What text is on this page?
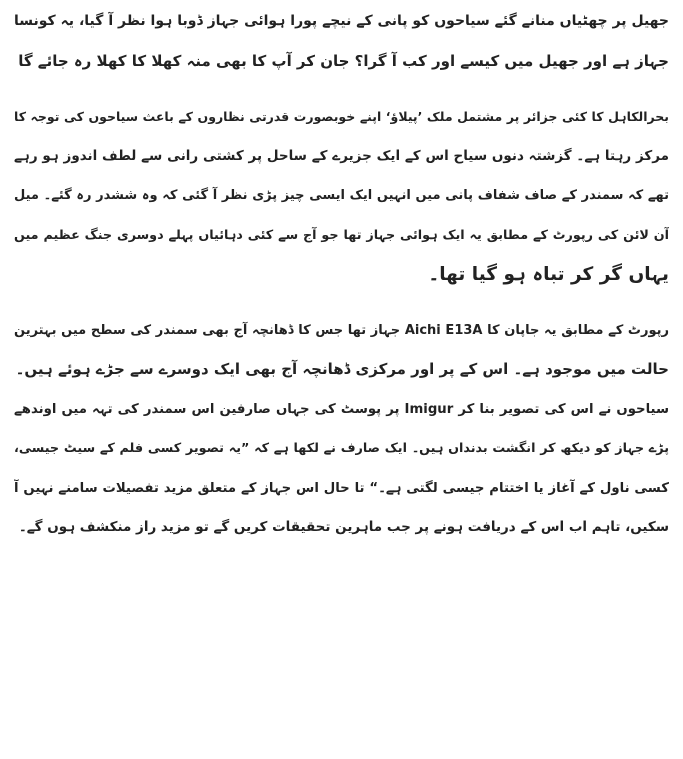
جھیل پر چھٹیاں منانے گئے سیاحوں کو پانی کے نیچے پورا ہوائی جہاز ڈوبا ہوا نظر آ گیا، یہ کونسا
جہاز ہے اور جھیل میں کیسے اور کب آ گرا؟ جان کر آپ کا بھی منہ کھلا کا کھلا رہ جائے گا
بحرالکاہل کا کئی جزائر پر مشتمل ملک ’پیلاؤ‘ اپنے خوبصورت قدرتی نظاروں کے باعث سیاحوں کی توجہ کا
مرکز رہتا ہے۔ گزشتہ دنوں سیاح اس کے ایک جزیرے کے ساحل پر کشتی رانی سے لطف اندوز ہو رہے
تھے کہ سمندر کے صاف شفاف پانی میں انہیں ایک ایسی چیز پڑی نظر آ گئی کہ وہ ششدر رہ گئے۔ میل
آن لائن کی رپورٹ کے مطابق یہ ایک ہوائی جہاز تھا جو آج سے کئی دہائیاں پہلے دوسری جنگ عظیم میں
یہاں گر کر تباہ ہو گیا تھا۔
رپورٹ کے مطابق یہ جاپان کا Aichi E13A جہاز تھا جس کا ڈھانچہ آج بھی سمندر کی سطح میں بہترین
حالت میں موجود ہے۔ اس کے پر اور مرکزی ڈھانچہ آج بھی ایک دوسرے سے جڑے ہوئے ہیں۔
سیاحوں نے اس کی تصویر بنا کر Imigur پر پوسٹ کی جہاں صارفین اس سمندر کی تہہ میں اوندھے
پڑے جہاز کو دیکھ کر انگشت بدنداں ہیں۔ ایک صارف نے لکھا ہے کہ ”یہ تصویر کسی فلم کے سیٹ جیسی،
کسی ناول کے آغاز یا اختتام جیسی لگتی ہے۔“ تا حال اس جہاز کے متعلق مزید تفصیلات سامنے نہیں آ
سکیں، تاہم اب اس کے دریافت ہونے پر جب ماہرین تحقیقات کریں گے تو مزید راز منکشف ہوں گے۔
